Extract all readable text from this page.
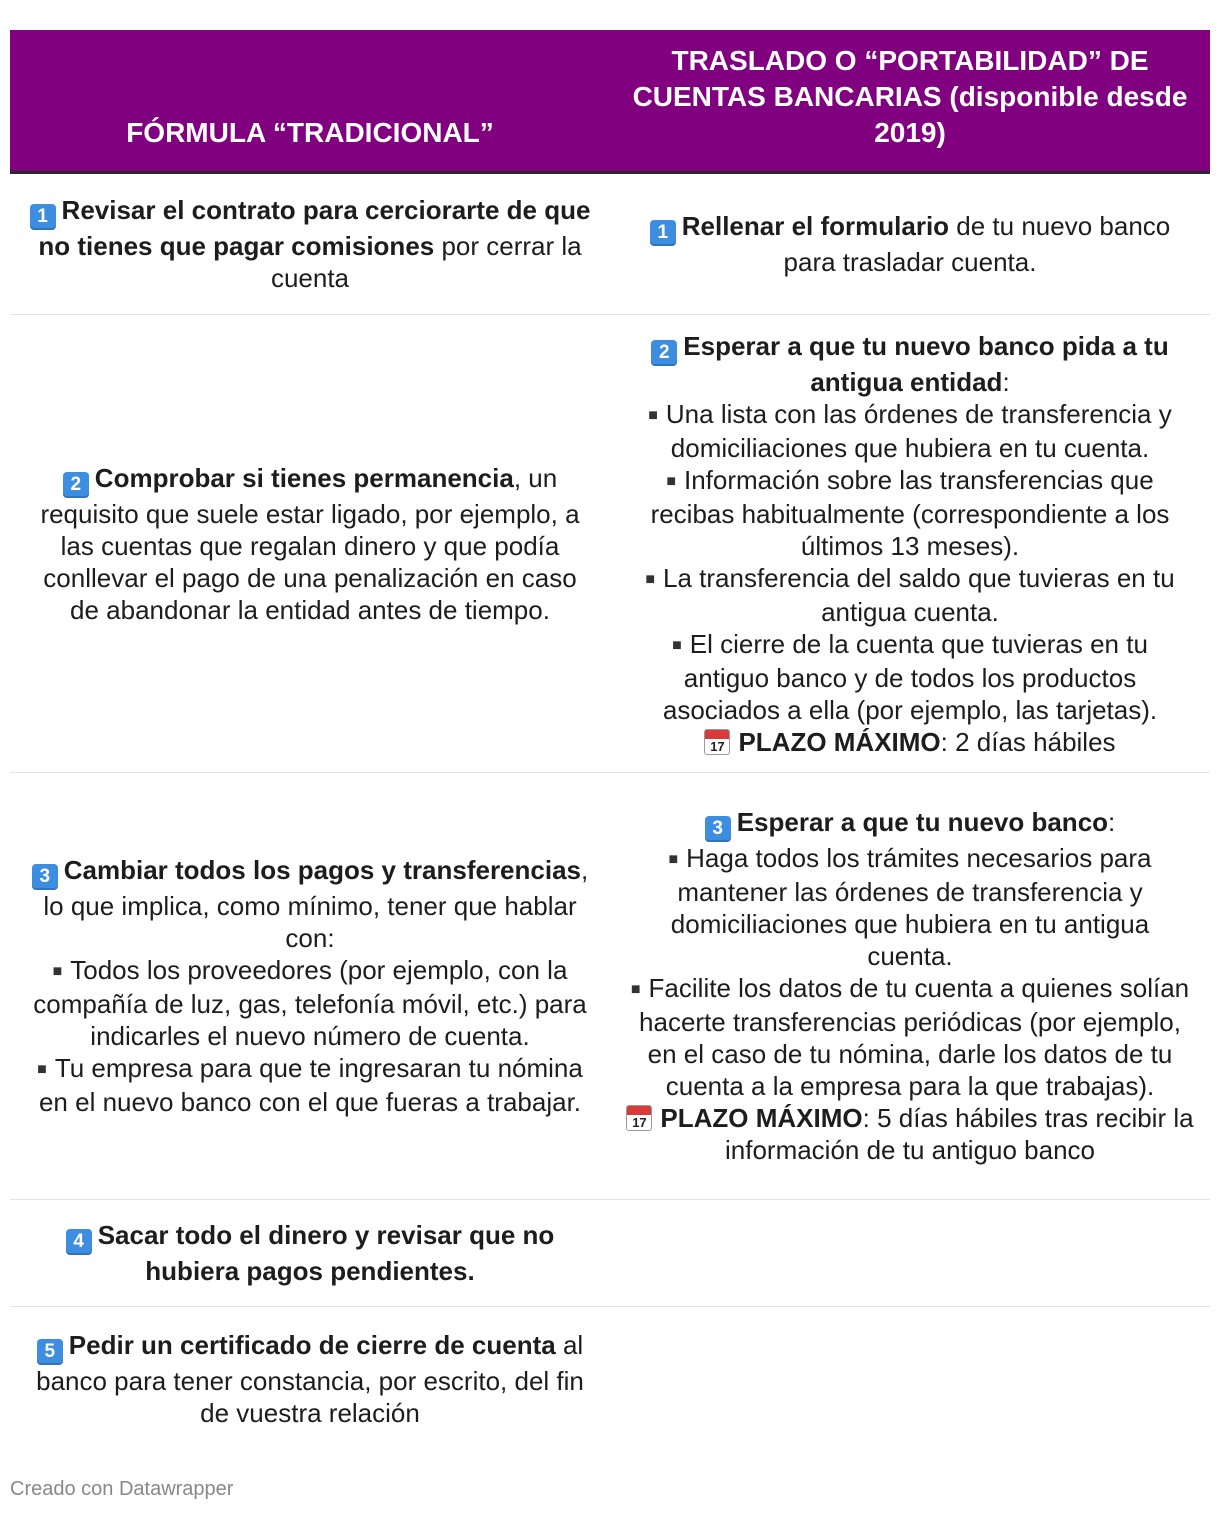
FÓRMULA “TRADICIONAL”
TRASLADO O “PORTABILIDAD” DE CUENTAS BANCARIAS (disponible desde 2019)

1 Revisar el contrato para cerciorarte de que no tienes que pagar comisiones por cerrar la cuenta

1 Rellenar el formulario de tu nuevo banco para trasladar cuenta.

2 Comprobar si tienes permanencia, un requisito que suele estar ligado, por ejemplo, a las cuentas que regalan dinero y que podía conllevar el pago de una penalización en caso de abandonar la entidad antes de tiempo.

2 Esperar a que tu nuevo banco pida a tu antigua entidad:

■ Una lista con las órdenes de transferencia y domiciliaciones que hubiera en tu cuenta.

■ Información sobre las transferencias que recibas habitualmente (correspondiente a los últimos 13 meses).

■ La transferencia del saldo que tuvieras en tu antigua cuenta.

■ El cierre de la cuenta que tuvieras en tu antiguo banco y de todos los productos asociados a ella (por ejemplo, las tarjetas).

17 PLAZO MÁXIMO: 2 días hábiles

3 Cambiar todos los pagos y transferencias, lo que implica, como mínimo, tener que hablar con:

■ Todos los proveedores (por ejemplo, con la compañía de luz, gas, telefonía móvil, etc.) para indicarles el nuevo número de cuenta.

■ Tu empresa para que te ingresaran tu nómina en el nuevo banco con el que fueras a trabajar.

3 Esperar a que tu nuevo banco:

■ Haga todos los trámites necesarios para mantener las órdenes de transferencia y domiciliaciones que hubiera en tu antigua cuenta.

■ Facilite los datos de tu cuenta a quienes solían hacerte transferencias periódicas (por ejemplo, en el caso de tu nómina, darle los datos de tu cuenta a la empresa para la que trabajas).

17 PLAZO MÁXIMO: 5 días hábiles tras recibir la información de tu antiguo banco

4 Sacar todo el dinero y revisar que no hubiera pagos pendientes.

5 Pedir un certificado de cierre de cuenta al banco para tener constancia, por escrito, del fin de vuestra relación

Creado con Datawrapper
